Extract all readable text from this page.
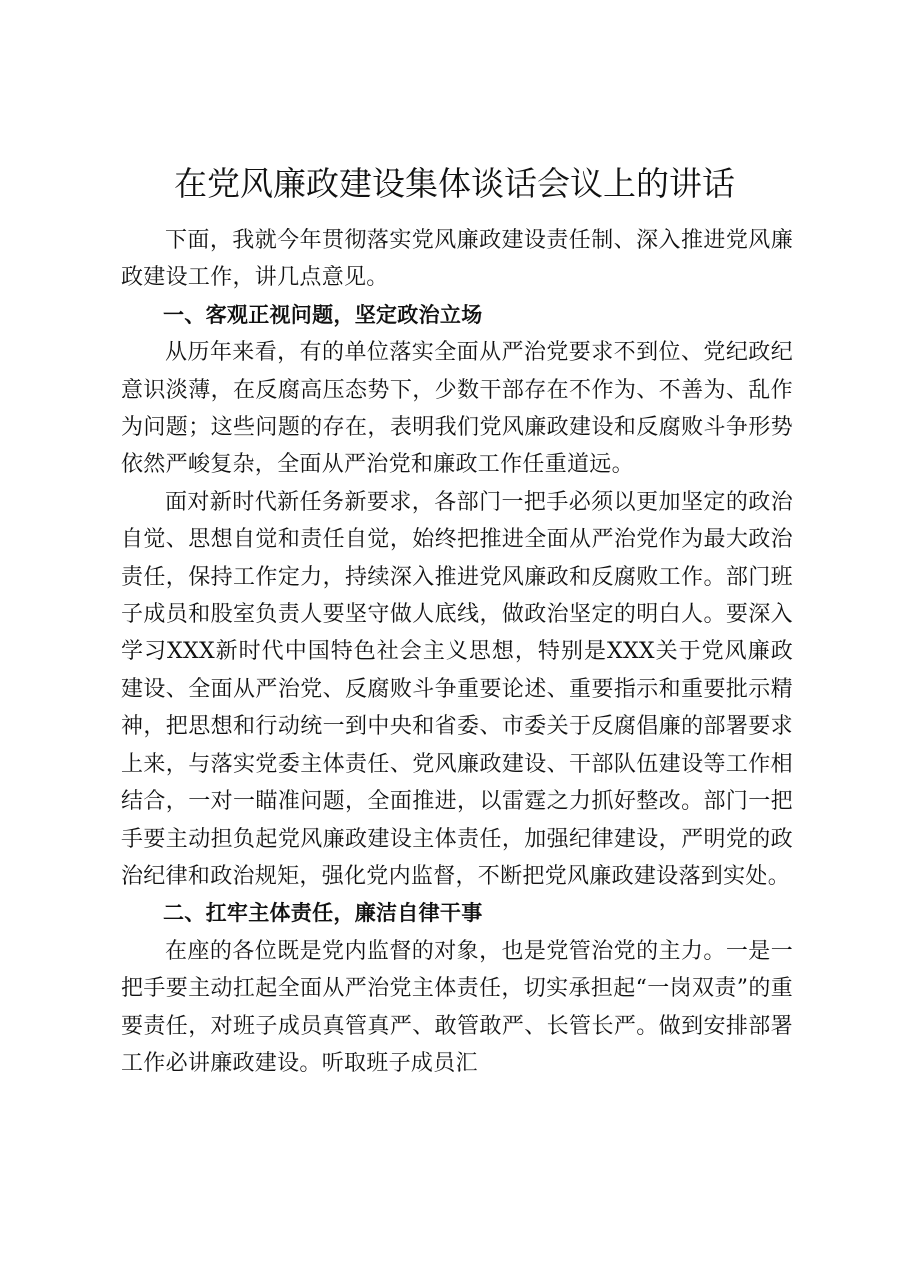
在党风廉政建设集体谈话会议上的讲话

下面，我就今年贯彻落实党风廉政建设责任制、深入推进党风廉政建设工作，讲几点意见。

一、客观正视问题，坚定政治立场

从历年来看，有的单位落实全面从严治党要求不到位、党纪政纪意识淡薄，在反腐高压态势下，少数干部存在不作为、不善为、乱作为问题；这些问题的存在，表明我们党风廉政建设和反腐败斗争形势依然严峻复杂，全面从严治党和廉政工作任重道远。

面对新时代新任务新要求，各部门一把手必须以更加坚定的政治自觉、思想自觉和责任自觉，始终把推进全面从严治党作为最大政治责任，保持工作定力，持续深入推进党风廉政和反腐败工作。部门班子成员和股室负责人要坚守做人底线，做政治坚定的明白人。要深入学习XXX新时代中国特色社会主义思想，特别是XXX关于党风廉政建设、全面从严治党、反腐败斗争重要论述、重要指示和重要批示精神，把思想和行动统一到中央和省委、市委关于反腐倡廉的部署要求上来，与落实党委主体责任、党风廉政建设、干部队伍建设等工作相结合，一对一瞄准问题，全面推进，以雷霆之力抓好整改。部门一把手要主动担负起党风廉政建设主体责任，加强纪律建设，严明党的政治纪律和政治规矩，强化党内监督，不断把党风廉政建设落到实处。

二、扛牢主体责任，廉洁自律干事

在座的各位既是党内监督的对象，也是党管治党的主力。一是一把手要主动扛起全面从严治党主体责任，切实承担起“一岗双责”的重要责任，对班子成员真管真严、敢管敢严、长管长严。做到安排部署工作必讲廉政建设。听取班子成员汇
